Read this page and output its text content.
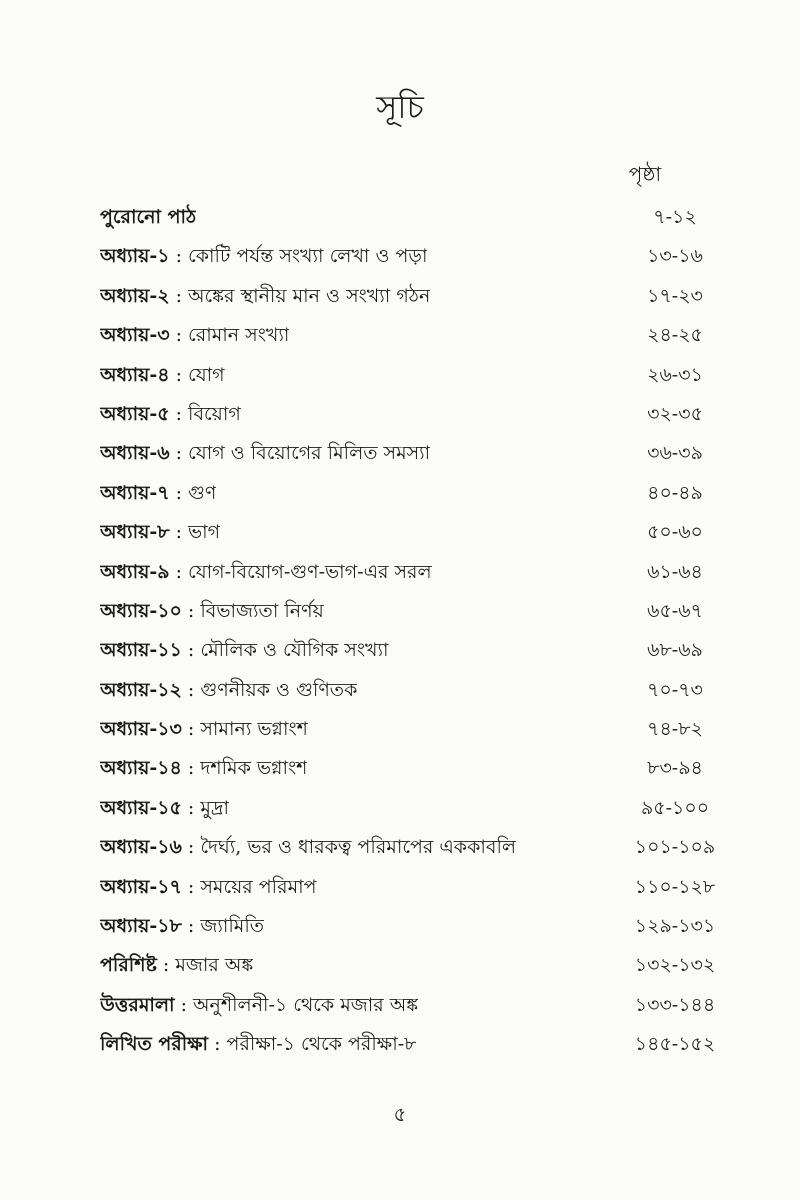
সূচি
পৃষ্ঠা
পুরোনো পাঠ	৭-১২
অধ্যায়-১ : কোটি পর্যন্ত সংখ্যা লেখা ও পড়া	১৩-১৬
অধ্যায়-২ : অঙ্কের স্থানীয় মান ও সংখ্যা গঠন	১৭-২৩
অধ্যায়-৩ : রোমান সংখ্যা	২৪-২৫
অধ্যায়-৪ : যোগ	২৬-৩১
অধ্যায়-৫ : বিয়োগ	৩২-৩৫
অধ্যায়-৬ : যোগ ও বিয়োগের মিলিত সমস্যা	৩৬-৩৯
অধ্যায়-৭ : গুণ	৪০-৪৯
অধ্যায়-৮ : ভাগ	৫০-৬০
অধ্যায়-৯ : যোগ-বিয়োগ-গুণ-ভাগ-এর সরল	৬১-৬৪
অধ্যায়-১০ : বিভাজ্যতা নির্ণয়	৬৫-৬৭
অধ্যায়-১১ : মৌলিক ও যৌগিক সংখ্যা	৬৮-৬৯
অধ্যায়-১২ : গুণনীয়ক ও গুণিতক	৭০-৭৩
অধ্যায়-১৩ : সামান্য ভগ্নাংশ	৭৪-৮২
অধ্যায়-১৪ : দশমিক ভগ্নাংশ	৮৩-৯৪
অধ্যায়-১৫ : মুদ্রা	৯৫-১০০
অধ্যায়-১৬ : দৈর্ঘ্য, ভর ও ধারকত্ব পরিমাপের এককাবলি	১০১-১০৯
অধ্যায়-১৭ : সময়ের পরিমাপ	১১০-১২৮
অধ্যায়-১৮ : জ্যামিতি	১২৯-১৩১
পরিশিষ্ট : মজার অঙ্ক	১৩২-১৩২
উত্তরমালা : অনুশীলনী-১ থেকে মজার অঙ্ক	১৩৩-১৪৪
লিখিত পরীক্ষা : পরীক্ষা-১ থেকে পরীক্ষা-৮	১৪৫-১৫২
৫
